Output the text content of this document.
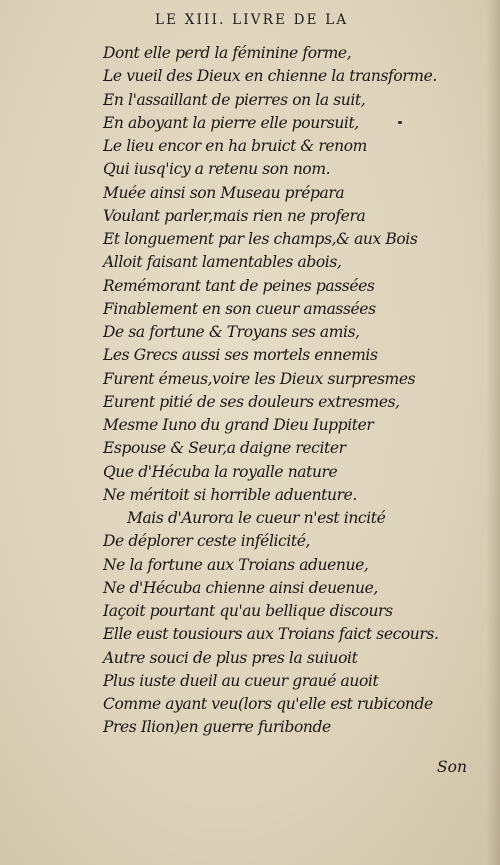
LE XIII. LIVRE DE LA
Dont elle perd la féminine forme,
Le vueil des Dieux en chienne la transforme.
En l'assaillant de pierres on la suit,
En aboyant la pierre elle poursuit,
Le lieu encor en ha bruict & renom
Qui iusq'icy a retenu son nom.
Muée ainsi son Museau prépara
Voulant parler,mais rien ne profera
Et longuement par les champs,& aux Bois
Alloit faisant lamentables abois,
Remémorant tant de peines passées
Finablement en son cueur amassées
De sa fortune & Troyans ses amis,
Les Grecs aussi ses mortels ennemis
Furent émeus,voire les Dieux surpresmes
Eurent pitié de ses douleurs extresmes,
Mesme Iuno du grand Dieu Iuppiter
Espouse & Seur,a daigne reciter
Que d'Hécuba la royalle nature
Ne méritoit si horrible aduenture.
Mais d'Aurora le cueur n'est incité
De déplorer ceste infélicité,
Ne la fortune aux Troians aduenue,
Ne d'Hécuba chienne ainsi deuenue,
Iaçoit pourtant qu'au bellique discours
Elle eust tousiours aux Troians faict secours.
Autre souci de plus pres la suiuoit
Plus iuste dueil au cueur graué auoit
Comme ayant veu(lors qu'elle est rubiconde
Pres Ilion)en guerre furibonde
Son
